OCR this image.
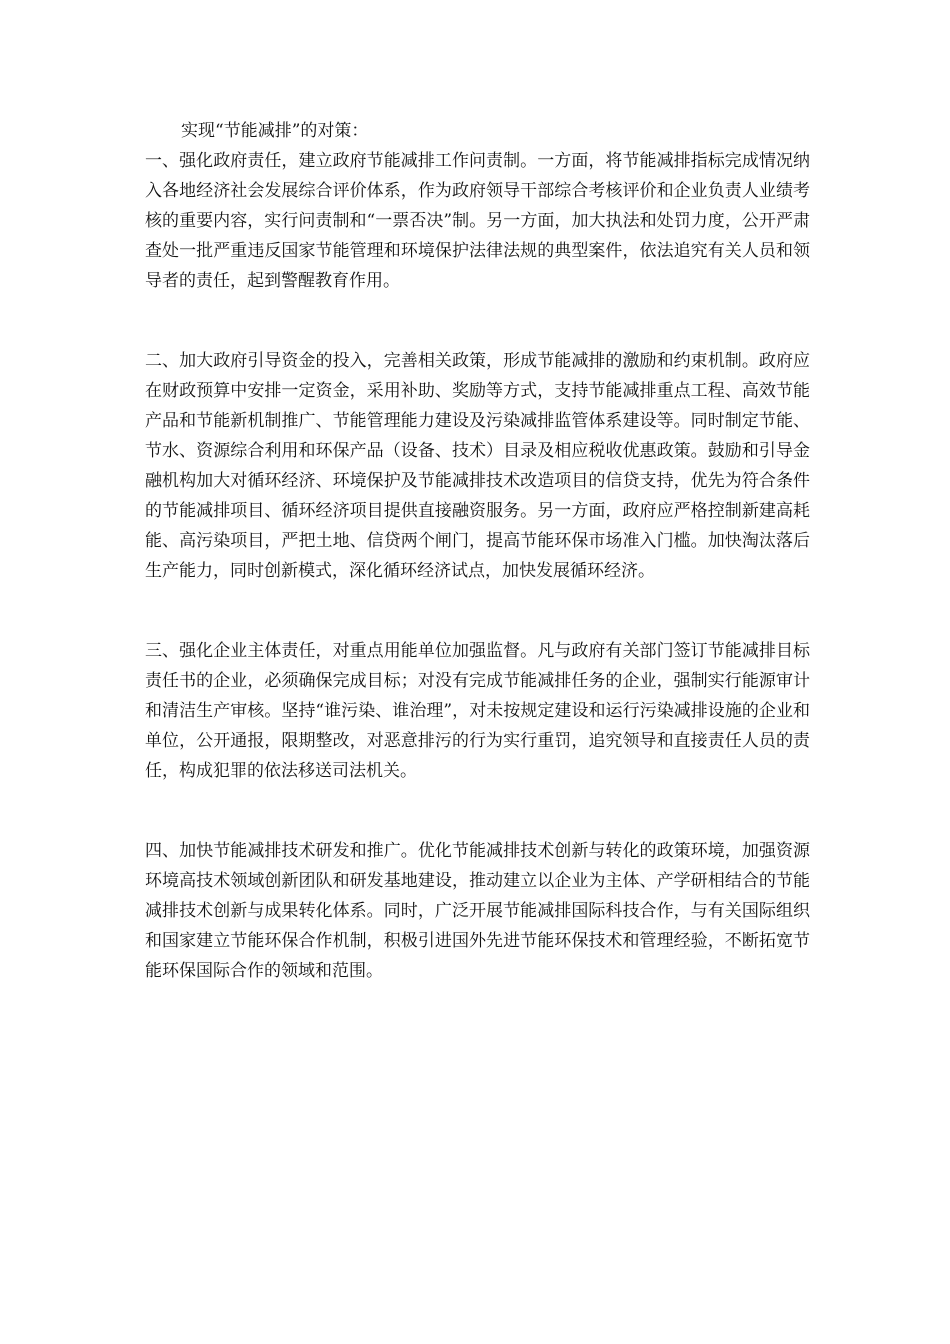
实现“节能减排”的对策：

一、强化政府责任，建立政府节能减排工作问责制。一方面，将节能减排指标完成情况纳入各地经济社会发展综合评价体系，作为政府领导干部综合考核评价和企业负责人业绩考核的重要内容，实行问责制和“一票否决”制。另一方面，加大执法和处罚力度，公开严肃查处一批严重违反国家节能管理和环境保护法律法规的典型案件，依法追究有关人员和领导者的责任，起到警醒教育作用。

二、加大政府引导资金的投入，完善相关政策，形成节能减排的激励和约束机制。政府应在财政预算中安排一定资金，采用补助、奖励等方式，支持节能减排重点工程、高效节能产品和节能新机制推广、节能管理能力建设及污染减排监管体系建设等。同时制定节能、节水、资源综合利用和环保产品（设备、技术）目录及相应税收优惠政策。鼓励和引导金融机构加大对循环经济、环境保护及节能减排技术改造项目的信贷支持，优先为符合条件的节能减排项目、循环经济项目提供直接融资服务。另一方面，政府应严格控制新建高耗能、高污染项目，严把土地、信贷两个闸门，提高节能环保市场准入门槛。加快淘汰落后生产能力，同时创新模式，深化循环经济试点，加快发展循环经济。

三、强化企业主体责任，对重点用能单位加强监督。凡与政府有关部门签订节能减排目标责任书的企业，必须确保完成目标；对没有完成节能减排任务的企业，强制实行能源审计和清洁生产审核。坚持“谁污染、谁治理”，对未按规定建设和运行污染减排设施的企业和单位，公开通报，限期整改，对恶意排污的行为实行重罚，追究领导和直接责任人员的责任，构成犯罪的依法移送司法机关。

四、加快节能减排技术研发和推广。优化节能减排技术创新与转化的政策环境，加强资源环境高技术领域创新团队和研发基地建设，推动建立以企业为主体、产学研相结合的节能减排技术创新与成果转化体系。同时，广泛开展节能减排国际科技合作，与有关国际组织和国家建立节能环保合作机制，积极引进国外先进节能环保技术和管理经验，不断拓宽节能环保国际合作的领域和范围。
